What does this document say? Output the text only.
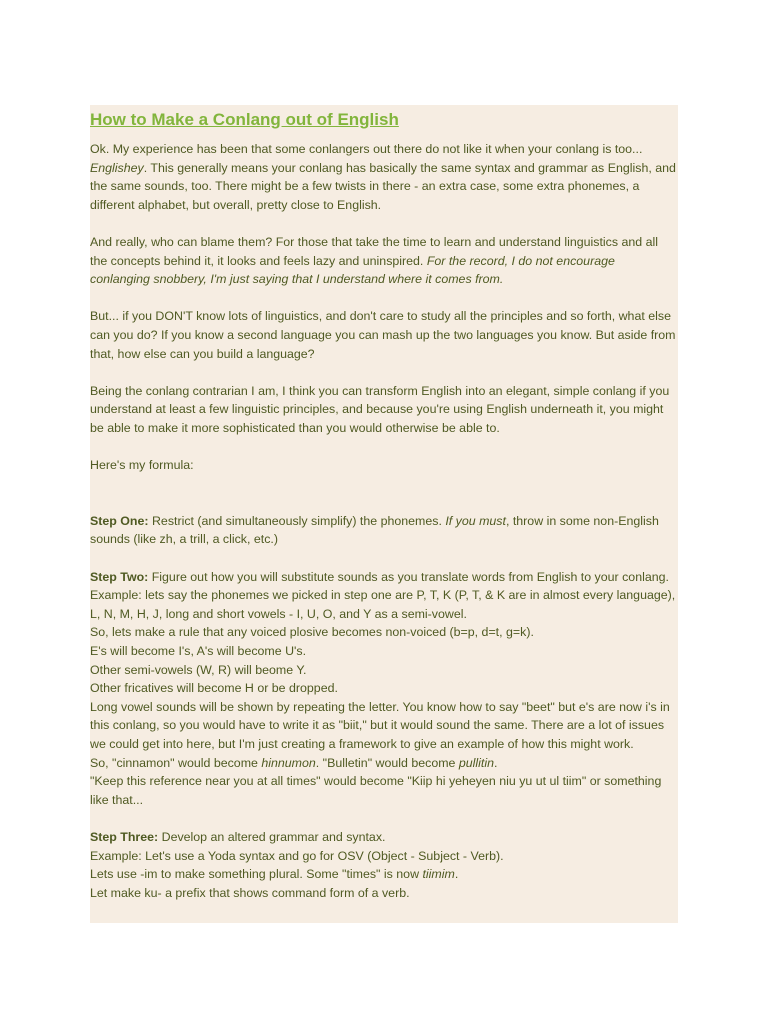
How to Make a Conlang out of English

Ok. My experience has been that some conlangers out there do not like it when your conlang is too... Englishey. This generally means your conlang has basically the same syntax and grammar as English, and the same sounds, too. There might be a few twists in there - an extra case, some extra phonemes, a different alphabet, but overall, pretty close to English.

And really, who can blame them? For those that take the time to learn and understand linguistics and all the concepts behind it, it looks and feels lazy and uninspired. For the record, I do not encourage conlanging snobbery, I'm just saying that I understand where it comes from.

But... if you DON'T know lots of linguistics, and don't care to study all the principles and so forth, what else can you do? If you know a second language you can mash up the two languages you know. But aside from that, how else can you build a language?

Being the conlang contrarian I am, I think you can transform English into an elegant, simple conlang if you understand at least a few linguistic principles, and because you're using English underneath it, you might be able to make it more sophisticated than you would otherwise be able to.

Here's my formula:

Step One: Restrict (and simultaneously simplify) the phonemes. If you must, throw in some non-English sounds (like zh, a trill, a click, etc.)

Step Two: Figure out how you will substitute sounds as you translate words from English to your conlang.
Example: lets say the phonemes we picked in step one are P, T, K (P, T, & K are in almost every language), L, N, M, H, J, long and short vowels - I, U, O, and Y as a semi-vowel.
So, lets make a rule that any voiced plosive becomes non-voiced (b=p, d=t, g=k).
E's will become I's, A's will become U's.
Other semi-vowels (W, R) will beome Y.
Other fricatives will become H or be dropped.
Long vowel sounds will be shown by repeating the letter. You know how to say "beet" but e's are now i's in this conlang, so you would have to write it as "biit," but it would sound the same. There are a lot of issues we could get into here, but I'm just creating a framework to give an example of how this might work.
So, "cinnamon" would become hinnumon. "Bulletin" would become pullitin.
"Keep this reference near you at all times" would become "Kiip hi yeheyen niu yu ut ul tiim" or something like that...
Step Three: Develop an altered grammar and syntax.
Example: Let's use a Yoda syntax and go for OSV (Object - Subject - Verb).
Lets use -im to make something plural. Some "times" is now tiimim.
Let make ku- a prefix that shows command form of a verb.
